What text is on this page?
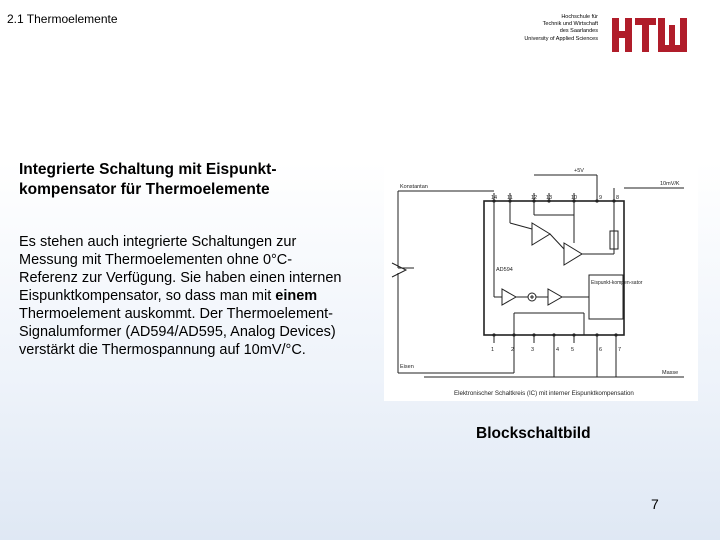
2.1 Thermoelemente	Hochschule für
Technik und Wirtschaft
des Saarlandes

University of Applied Sciences
Integrierte Schaltung mit Eispunkt-kompensator für Thermoelemente
Es stehen auch integrierte Schaltungen zur Messung mit Thermoelementen ohne 0°C-Referenz zur Verfügung. Sie haben einen internen Eispunktkompensator, so dass man mit einem Thermoelement auskommt. Der Thermoelement-Signalumformer (AD594/AD595, Analog Devices) verstärkt die Thermospannung auf 10mV/°C.
Konstantan
Eisen
+5V
10mV/K
Masse
AD594
Eispunkt-kompen-sator
14 11	12 13	10	9	8
1	2	3	4 5	6	7
Elektronischer Schaltkreis (IC) mit interner Eispunktkompensation
Blockschaltbild
7
